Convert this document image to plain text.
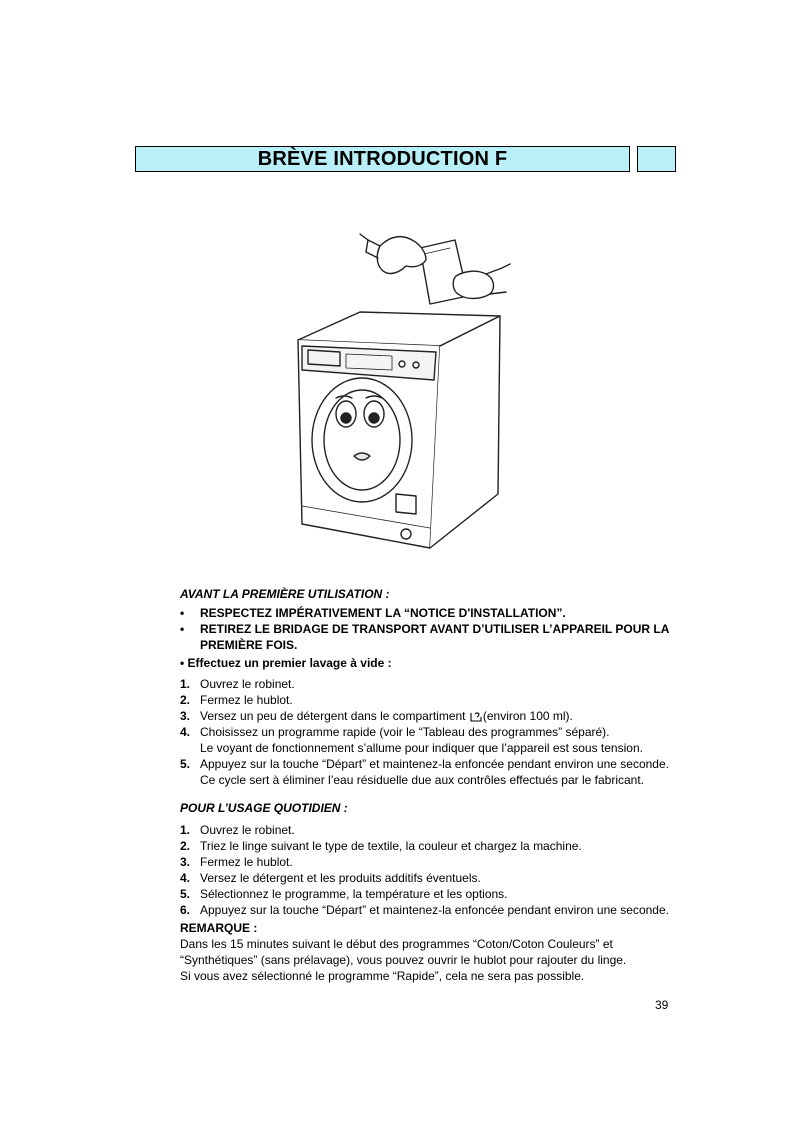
BRÈVE INTRODUCTION F
AVANT LA PREMIÈRE UTILISATION :
•	RESPECTEZ IMPÉRATIVEMENT LA “NOTICE D'INSTALLATION”.
•	RETIREZ LE BRIDAGE DE TRANSPORT AVANT D’UTILISER L’APPAREIL POUR LA PREMIÈRE FOIS.
• Effectuez un premier lavage à vide :
1. Ouvrez le robinet.
2. Fermez le hublot.
3. Versez un peu de détergent dans le compartiment (environ 100 ml).
4. Choisissez un programme rapide (voir le “Tableau des programmes” séparé).
Le voyant de fonctionnement s’allume pour indiquer que l’appareil est sous tension.
5. Appuyez sur la touche “Départ” et maintenez-la enfoncée pendant environ une seconde.
Ce cycle sert à éliminer l’eau résiduelle due aux contrôles effectués par le fabricant.
POUR L’USAGE QUOTIDIEN :
1. Ouvrez le robinet.
2. Triez le linge suivant le type de textile, la couleur et chargez la machine.
3. Fermez le hublot.
4. Versez le détergent et les produits additifs éventuels.
5. Sélectionnez le programme, la température et les options.
6. Appuyez sur la touche “Départ” et maintenez-la enfoncée pendant environ une seconde.
REMARQUE :
Dans les 15 minutes suivant le début des programmes “Coton/Coton Couleurs” et
“Synthétiques” (sans prélavage), vous pouvez ouvrir le hublot pour rajouter du linge.
Si vous avez sélectionné le programme “Rapide”, cela ne sera pas possible.
39
